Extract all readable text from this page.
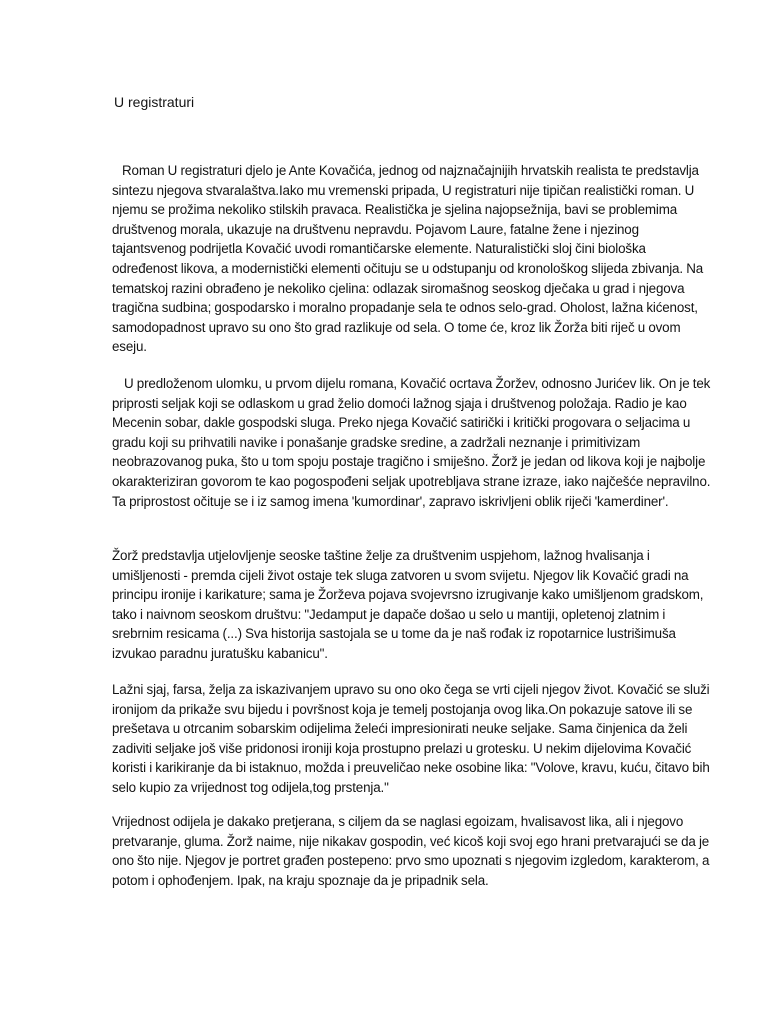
U registraturi

Roman U registraturi djelo je Ante Kovačića, jednog od najznačajnijih hrvatskih realista te predstavlja sintezu njegova stvaralaštva.Iako mu vremenski pripada, U registraturi nije tipičan realistički roman. U njemu se prožima nekoliko stilskih pravaca. Realistička je sjelina najopsežnija, bavi se problemima društvenog morala, ukazuje na društvenu nepravdu. Pojavom Laure, fatalne žene i njezinog tajantsvenog podrijetla Kovačić uvodi romantičarske elemente. Naturalistički sloj čini biološka određenost likova, a modernistički elementi očituju se u odstupanju od kronološkog slijeda zbivanja. Na tematskoj razini obrađeno je nekoliko cjelina: odlazak siromašnog seoskog dječaka u grad i njegova tragična sudbina; gospodarsko i moralno propadanje sela te odnos selo-grad. Oholost, lažna kićenost, samodopadnost upravo su ono što grad razlikuje od sela. O tome će, kroz lik Žorža biti riječ u ovom eseju.

U predloženom ulomku, u prvom dijelu romana, Kovačić ocrtava Žoržev, odnosno Jurićev lik. On je tek priprosti seljak koji se odlaskom u grad želio domoći lažnog sjaja i društvenog položaja. Radio je kao Mecenin sobar, dakle gospodski sluga. Preko njega Kovačić satirički i kritički progovara o seljacima u gradu koji su prihvatili navike i ponašanje gradske sredine, a zadržali neznanje i primitivizam neobrazovanog puka, što u tom spoju postaje tragično i smiješno. Žorž je jedan od likova koji je najbolje okarakteriziran govorom te kao pogospođeni seljak upotrebljava strane izraze, iako najčešće nepravilno. Ta priprostost očituje se i iz samog imena 'kumordinar', zapravo iskrivljeni oblik riječi 'kamerdiner'.

Žorž predstavlja utjelovljenje seoske taštine želje za društvenim uspjehom, lažnog hvalisanja i umišljenosti - premda cijeli život ostaje tek sluga zatvoren u svom svijetu. Njegov lik Kovačić gradi na principu ironije i karikature; sama je Žorževa pojava svojevrsno izrugivanje kako umišljenom gradskom, tako i naivnom seoskom društvu: "Jedamput je dapače došao u selo u mantiji, opletenoj zlatnim i srebrnim resicama (...) Sva historija sastojala se u tome da je naš rođak iz ropotarnice lustrišimuša izvukao paradnu juratušku kabanicu".

Lažni sjaj, farsa, želja za iskazivanjem upravo su ono oko čega se vrti cijeli njegov život. Kovačić se služi ironijom da prikaže svu bijedu i površnost koja je temelj postojanja ovog lika.On pokazuje satove ili se prešetava u otrcanim sobarskim odijelima želeći impresionirati neuke seljake. Sama činjenica da želi zadiviti seljake još više pridonosi ironiji koja prostupno prelazi u grotesku. U nekim dijelovima Kovačić koristi i karikiranje da bi istaknuo, možda i preuveličao neke osobine lika: "Volove, kravu, kuću, čitavo bih selo kupio za vrijednost tog odijela,tog prstenja."

Vrijednost odijela je dakako pretjerana, s ciljem da se naglasi egoizam, hvalisavost lika, ali i njegovo pretvaranje, gluma. Žorž naime, nije nikakav gospodin, već kicoš koji svoj ego hrani pretvarajući se da je ono što nije. Njegov je portret građen postepeno: prvo smo upoznati s njegovim izgledom, karakterom, a potom i ophođenjem. Ipak, na kraju spoznaje da je pripadnik sela.
